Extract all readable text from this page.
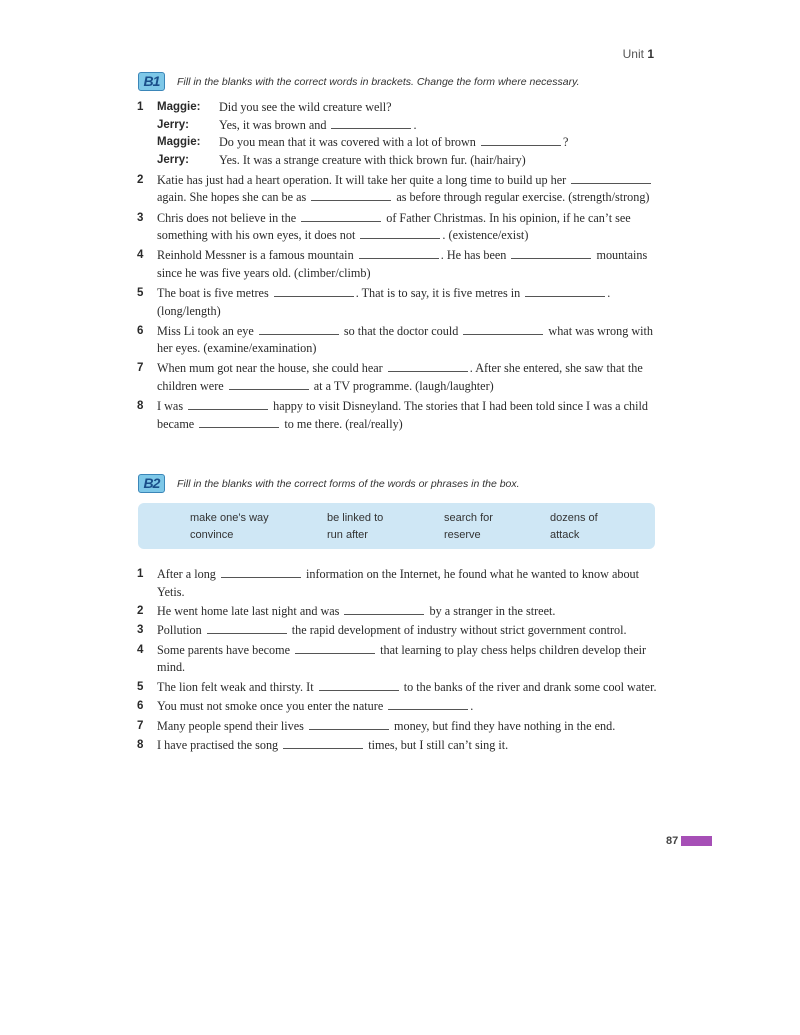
Unit 1
B1	Fill in the blanks with the correct words in brackets. Change the form where necessary.
1 Maggie:	Did you see the wild creature well?
Jerry:	Yes, it was brown and	.
Maggie:	Do you mean that it was covered with a lot of brown	?
Jerry:	Yes. It was a strange creature with thick brown fur. (hair/hairy)
2 Katie has just had a heart operation. It will take her quite a long time to build up her  again. She hopes she can be as	as before through regular exercise. (strength/strong)
3 Chris does not believe in the	of Father Christmas. In his opinion, if he can’t see something with his own eyes, it does not	. (existence/exist)
4 Reinhold Messner is a famous mountain	. He has been	mountains since he was five years old. (climber/climb)
5 The boat is five metres	. That is to say, it is five metres in	. (long/length)
6 Miss Li took an eye	so that the doctor could	what was wrong with her eyes. (examine/examination)
7 When mum got near the house, she could hear	. After she entered, she saw that the children were	at a TV programme. (laugh/laughter)
8 I was	happy to visit Disneyland. The stories that I had been told since I was a child became	to me there. (real/really)
B2	Fill in the blanks with the correct forms of the words or phrases in the box.
make one’s way	be linked to	search for	dozens of
convince	run after	reserve	attack
1 After a long	information on the Internet, he found what he wanted to know about Yetis.
2 He went home late last night and was	by a stranger in the street.
3 Pollution	the rapid development of industry without strict government control.
4 Some parents have become	that learning to play chess helps children develop their mind.
5 The lion felt weak and thirsty. It	to the banks of the river and drank some cool water.
6 You must not smoke once you enter the nature	.
7 Many people spend their lives	money, but find they have nothing in the end.
8 I have practised the song	times, but I still can’t sing it.
87
